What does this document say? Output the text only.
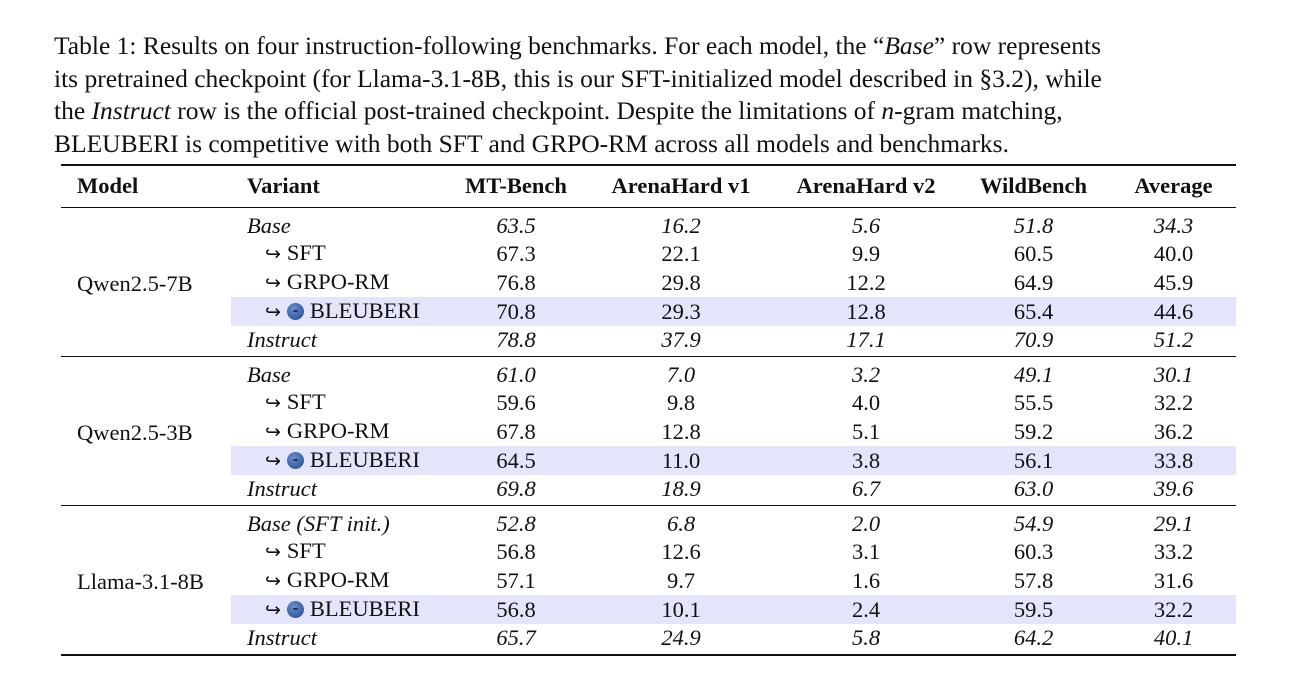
Table 1: Results on four instruction-following benchmarks. For each model, the “Base” row represents
its pretrained checkpoint (for Llama-3.1-8B, this is our SFT-initialized model described in §3.2), while
the Instruct row is the official post-trained checkpoint. Despite the limitations of n-gram matching,
BLEUBERI is competitive with both SFT and GRPO-RM across all models and benchmarks.
Model	Variant	MT-Bench	ArenaHard v1	ArenaHard v2	WildBench	Average
Qwen2.5-7B	Base	63.5	16.2	5.6	51.8	34.3
	↪ SFT	67.3	22.1	9.9	60.5	40.0
	↪ GRPO-RM	76.8	29.8	12.2	64.9	45.9
	↪ BLEUBERI	70.8	29.3	12.8	65.4	44.6
	Instruct	78.8	37.9	17.1	70.9	51.2
Qwen2.5-3B	Base	61.0	7.0	3.2	49.1	30.1
	↪ SFT	59.6	9.8	4.0	55.5	32.2
	↪ GRPO-RM	67.8	12.8	5.1	59.2	36.2
	↪ BLEUBERI	64.5	11.0	3.8	56.1	33.8
	Instruct	69.8	18.9	6.7	63.0	39.6
Llama-3.1-8B	Base (SFT init.)	52.8	6.8	2.0	54.9	29.1
	↪ SFT	56.8	12.6	3.1	60.3	33.2
	↪ GRPO-RM	57.1	9.7	1.6	57.8	31.6
	↪ BLEUBERI	56.8	10.1	2.4	59.5	32.2
	Instruct	65.7	24.9	5.8	64.2	40.1
